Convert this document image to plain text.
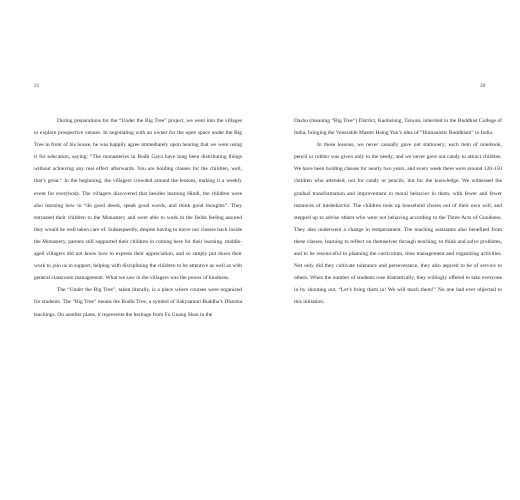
21	20

During preparations for the “Under the Big Tree” project, we went into the villages to explore prospective venues. In negotiating with an owner for the open space under the Big Tree in front of his house, he was happily agree immediately upon hearing that we were using it for education, saying: “The monasteries in Bodh Gaya have long been distributing things without achieving any real effect afterwards. You are holding classes for the children, well, that’s great.” In the beginning, the villagers crowded around the lessons, making it a weekly event for everybody. The villagers discovered that besides learning Hindi, the children were also learning how to “do good deeds, speak good words, and think good thoughts”. They entrusted their children to the Monastery and were able to work in the fields feeling assured they would be well taken care of. Subsequently, despite having to move our classes back inside the Monastery, parents still supported their children in coming here for their learning. middle-aged villagers did not know how to express their appreciation, and so simply put down their work to join us in support, helping with disciplining the children to be attentive as well as with general classroom management. What we saw in the villagers was the power of kindness.

The “Under the Big Tree”, taken literally, is a place where courses were organized for students. The “Big Tree” means the Bodhi Tree, a symbol of Sakyamuni Buddha’s Dharma teachings. On another plane, it represents the heritage from Fo Guang Shan in the

Dashu (meaning “Big Tree”) District, Kaohsiung, Taiwan, inherited to the Buddhist College of India, bringing the Venerable Master Hsing Yun’s idea of “Humanistic Buddhism” to India.

In these lessons, we never casually gave out stationery; each item of notebook, pencil or rubber was given only to the needy, and we never gave out candy to attract children. We have been holding classes for nearly two years, and every week there were around 120-150 children who attended, not for candy or pencils, but for the knowledge. We witnessed the gradual transformation and improvement in moral behavior in them, with fewer and fewer instances of misbehavior. The children took up household chores out of their own will, and stepped up to advise others who were not behaving according to the Three Acts of Goodness. They also underwent a change in temperament. The teaching assistants also benefited from these classes, learning to reflect on themselves through teaching, to think and solve problems, and to be resourceful in planning the curriculum, time management and organizing activities. Not only did they cultivate tolerance and perseverance, they also aspired to be of service to others. When the number of students rose dramatically, they willingly offered to take everyone in by shouting out, “Let’s bring them in! We will teach them!” No one had ever objected to this initiation.
